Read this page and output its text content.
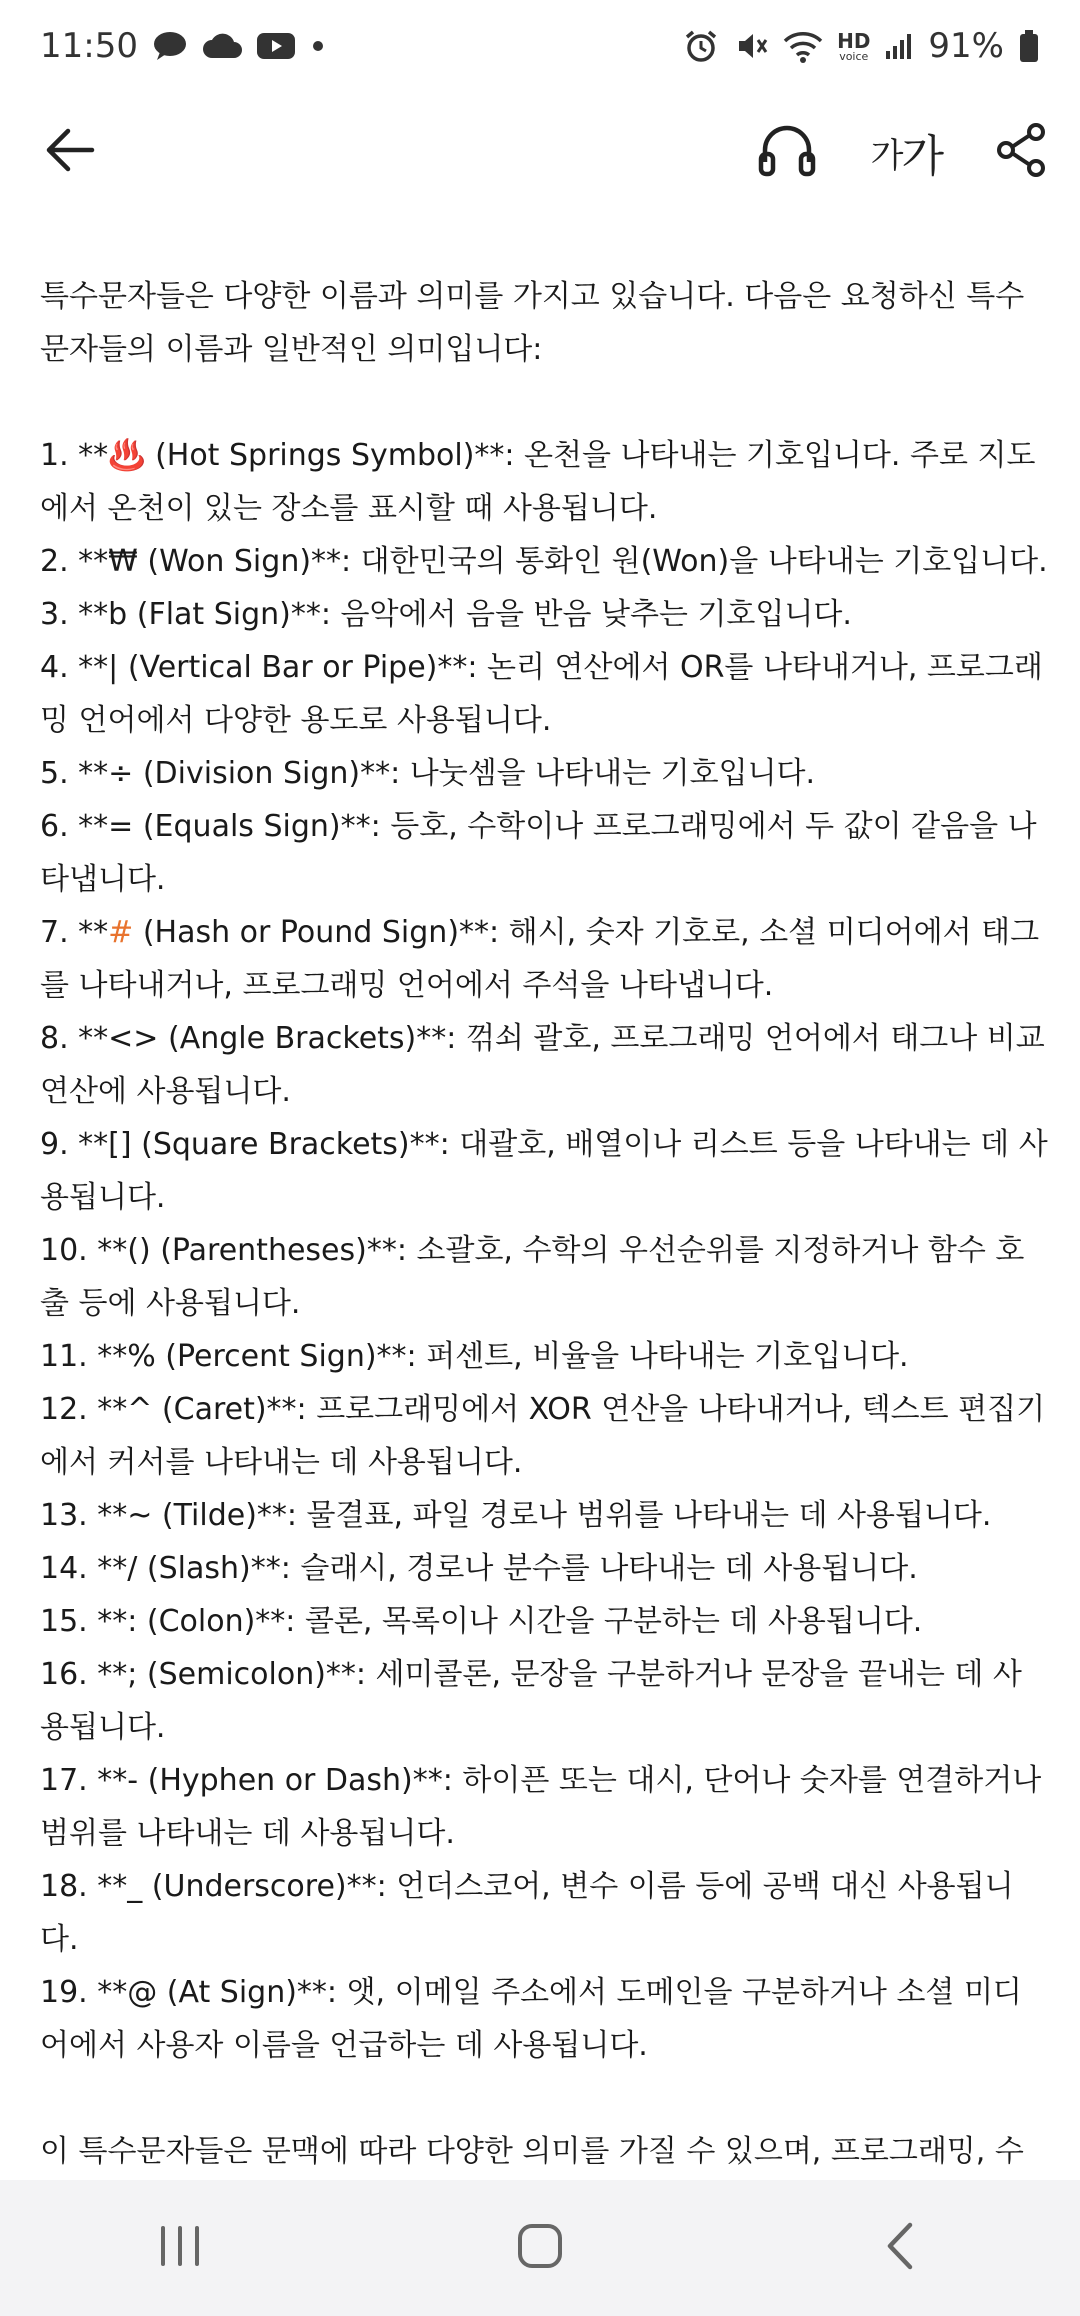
11:50	HD
voice 91%
가 가

특수문자들은 다양한 이름과 의미를 가지고 있습니다. 다음은 요청하신 특수문자들의 이름과 일반적인 의미입니다:

1. **♨️ (Hot Springs Symbol)**: 온천을 나타내는 기호입니다. 주로 지도에서 온천이 있는 장소를 표시할 때 사용됩니다.
2. **₩ (Won Sign)**: 대한민국의 통화인 원(Won)을 나타내는 기호입니다.
3. **b (Flat Sign)**: 음악에서 음을 반음 낮추는 기호입니다.
4. **| (Vertical Bar or Pipe)**: 논리 연산에서 OR를 나타내거나, 프로그래밍 언어에서 다양한 용도로 사용됩니다.
5. **÷ (Division Sign)**: 나눗셈을 나타내는 기호입니다.
6. **= (Equals Sign)**: 등호, 수학이나 프로그래밍에서 두 값이 같음을 나타냅니다.
7. **# (Hash or Pound Sign)**: 해시, 숫자 기호로, 소셜 미디어에서 태그를 나타내거나, 프로그래밍 언어에서 주석을 나타냅니다.
8. **<> (Angle Brackets)**: 꺾쇠 괄호, 프로그래밍 언어에서 태그나 비교 연산에 사용됩니다.
9. **[] (Square Brackets)**: 대괄호, 배열이나 리스트 등을 나타내는 데 사용됩니다.
10. **() (Parentheses)**: 소괄호, 수학의 우선순위를 지정하거나 함수 호출 등에 사용됩니다.
11. **% (Percent Sign)**: 퍼센트, 비율을 나타내는 기호입니다.
12. **^ (Caret)**: 프로그래밍에서 XOR 연산을 나타내거나, 텍스트 편집기에서 커서를 나타내는 데 사용됩니다.
13. **~ (Tilde)**: 물결표, 파일 경로나 범위를 나타내는 데 사용됩니다.
14. **/ (Slash)**: 슬래시, 경로나 분수를 나타내는 데 사용됩니다.
15. **: (Colon)**: 콜론, 목록이나 시간을 구분하는 데 사용됩니다.
16. **; (Semicolon)**: 세미콜론, 문장을 구분하거나 문장을 끝내는 데 사용됩니다.
17. **- (Hyphen or Dash)**: 하이픈 또는 대시, 단어나 숫자를 연결하거나 범위를 나타내는 데 사용됩니다.
18. **_ (Underscore)**: 언더스코어, 변수 이름 등에 공백 대신 사용됩니다.
19. **@ (At Sign)**: 앳, 이메일 주소에서 도메인을 구분하거나 소셜 미디어에서 사용자 이름을 언급하는 데 사용됩니다.

이 특수문자들은 문맥에 따라 다양한 의미를 가질 수 있으며, 프로그래밍, 수
